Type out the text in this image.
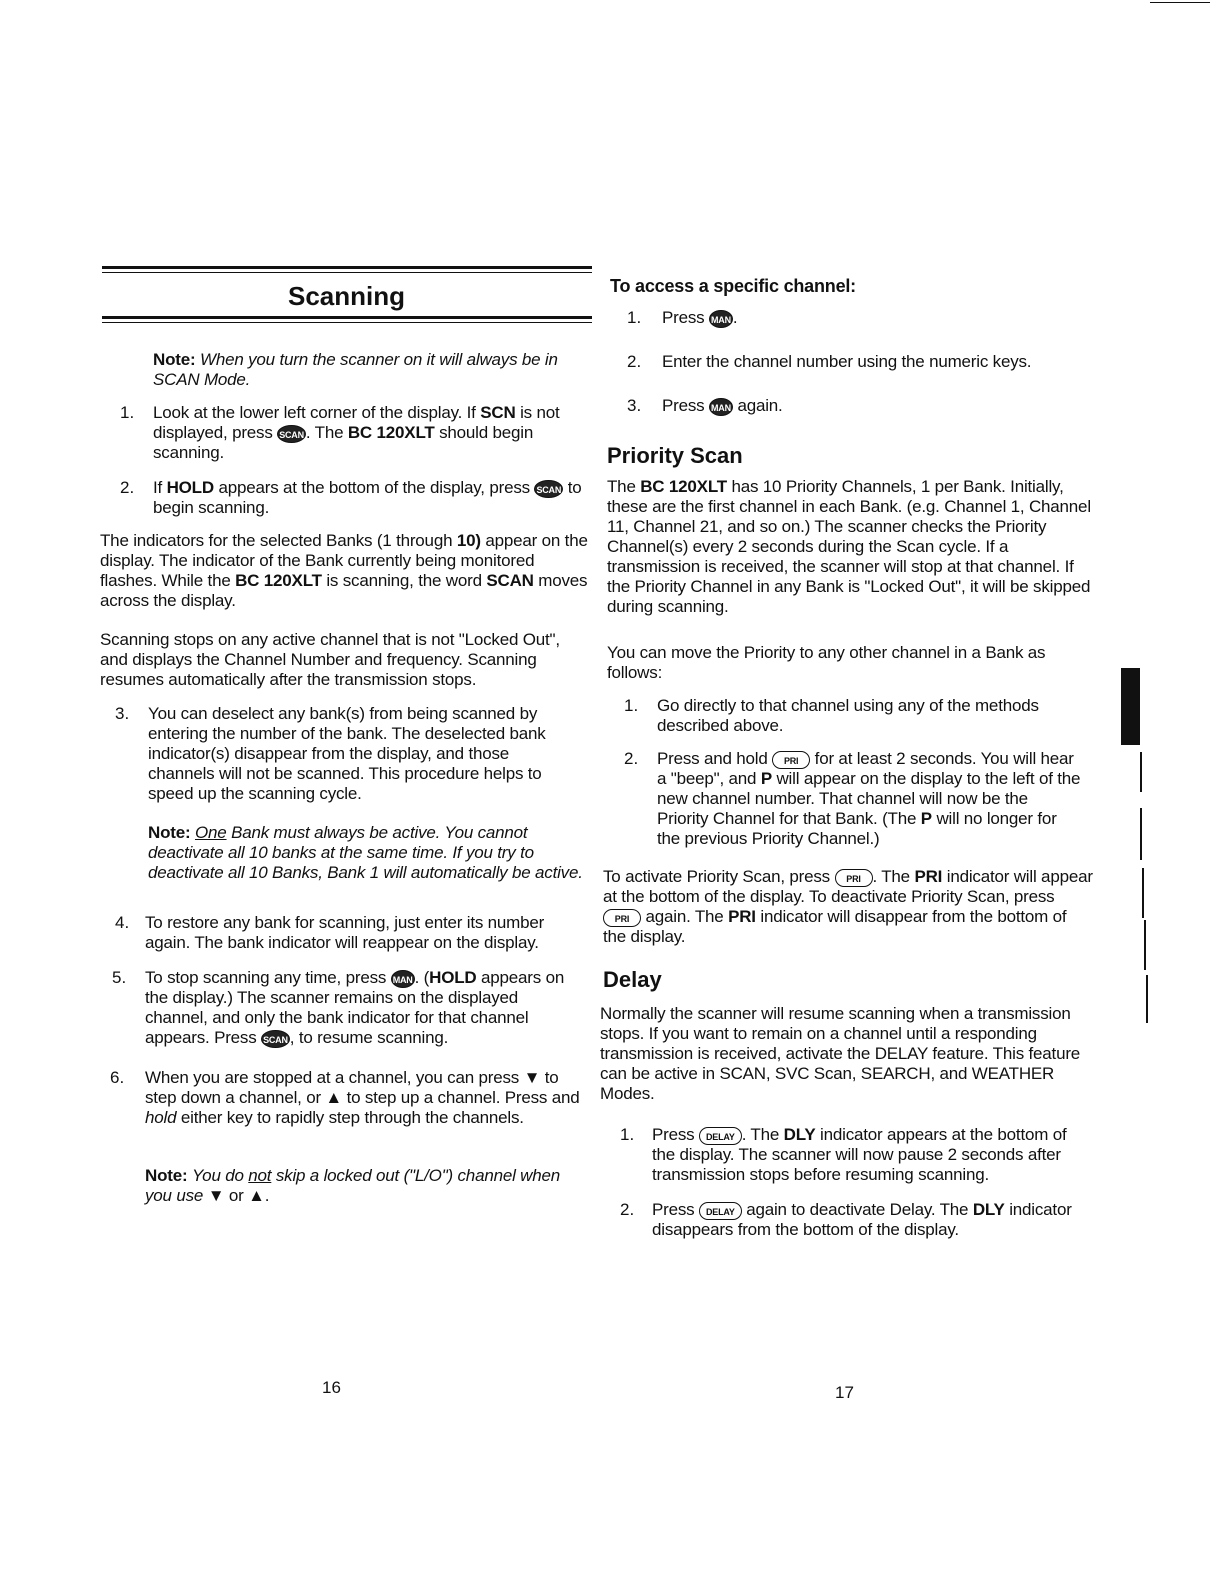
Scanning
Note: When you turn the scanner on it will always be in SCAN Mode.
1. Look at the lower left corner of the display. If SCN is not displayed, press SCAN . The BC 120XLT should begin scanning.
2. If HOLD appears at the bottom of the display, press SCAN to begin scanning.
The indicators for the selected Banks (1 through 10) appear on the display. The indicator of the Bank currently being monitored flashes. While the BC 120XLT is scanning, the word SCAN moves across the display.

Scanning stops on any active channel that is not "Locked Out", and displays the Channel Number and frequency. Scanning resumes automatically after the transmission stops.

3. You can deselect any bank(s) from being scanned by entering the number of the bank. The deselected bank indicator(s) disappear from the display, and those channels will not be scanned. This procedure helps to speed up the scanning cycle.

Note: One Bank must always be active. You cannot deactivate all 10 banks at the same time. If you try to deactivate all 10 Banks, Bank 1 will automatically be active.
4. To restore any bank for scanning, just enter its number again. The bank indicator will reappear on the display.

5. To stop scanning any time, press MAN . (HOLD appears on the display.) The scanner remains on the displayed channel, and only the bank indicator for that channel appears. Press SCAN , to resume scanning.
6. When you are stopped at a channel, you can press ▼ to step down a channel, or ▲ to step up a channel. Press and hold either key to rapidly step through the channels.
Note: You do not skip a locked out ("L/O") channel when you use ▼ or ▲.
16
To access a specific channel:
1. Press MAN .
2. Enter the channel number using the numeric keys.

3. Press MAN again.
Priority Scan
The BC 120XLT has 10 Priority Channels, 1 per Bank. Initially, these are the first channel in each Bank. (e.g. Channel 1, Channel 11, Channel 21, and so on.) The scanner checks the Priority Channel(s) every 2 seconds during the Scan cycle. If a transmission is received, the scanner will stop at that channel. If the Priority Channel in any Bank is "Locked Out", it will be skipped during scanning.

You can move the Priority to any other channel in a Bank as follows:

1. Go directly to that channel using any of the methods described above.

2. Press and hold PRI for at least 2 seconds. You will hear a "beep", and P will appear on the display to the left of the new channel number. That channel will now be the Priority Channel for that Bank. (The P will no longer for the previous Priority Channel.)
To activate Priority Scan, press PRI . The PRI indicator will appear at the bottom of the display. To deactivate Priority Scan, press PRI again. The PRI indicator will disappear from the bottom of the display.
Delay

Normally the scanner will resume scanning when a transmission stops. If you want to remain on a channel until a responding transmission is received, activate the DELAY feature. This feature can be active in SCAN, SVC Scan, SEARCH, and WEATHER Modes.

1. Press DELAY . The DLY indicator appears at the bottom of the display. The scanner will now pause 2 seconds after transmission stops before resuming scanning.
2. Press DELAY again to deactivate Delay. The DLY indicator disappears from the bottom of the display.
17
